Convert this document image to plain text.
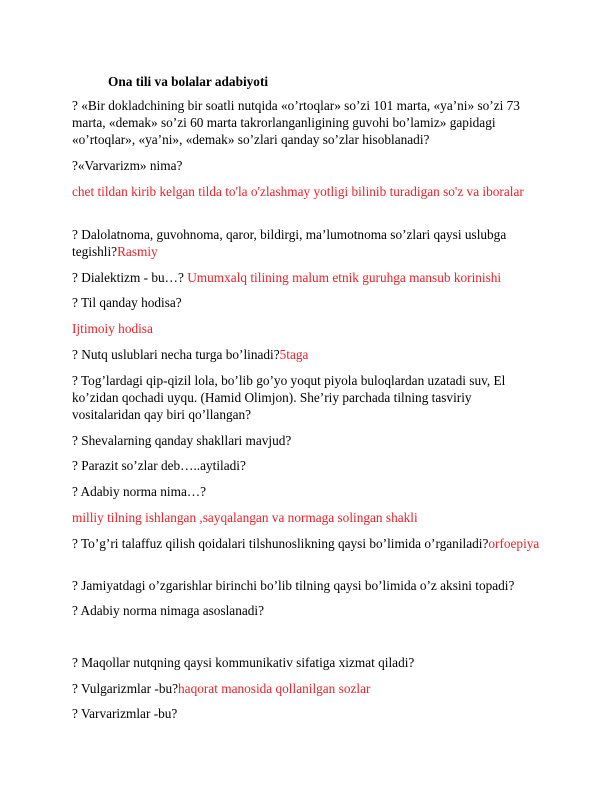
Ona tili va bolalar adabiyoti
? «Bir dokladchining bir soatli nutqida «o’rtoqlar» so’zi 101 marta, «ya’ni» so’zi 73 marta, «demak» so’zi 60 marta takrorlanganligining guvohi bo’lamiz» gapidagi «o’rtoqlar», «ya’ni», «demak» so’zlari qanday so’zlar hisoblanadi?
?«Varvarizm» nima?
chet tildan kirib kelgan tilda to'la o'zlashmay yotligi bilinib turadigan so'z va iboralar
? Dalolatnoma, guvohnoma, qaror, bildirgi, ma’lumotnoma so’zlari qaysi uslubga tegishli?Rasmiy
? Dialektizm - bu…? Umumxalq tilining malum etnik guruhga mansub korinishi
? Til qanday hodisa?
Ijtimoiy hodisa
? Nutq uslublari necha turga bo’linadi?5taga
? Tog’lardagi qip-qizil lola, bo’lib go’yo yoqut piyola buloqlardan uzatadi suv, El ko’zidan qochadi uyqu. (Hamid Olimjon). She’riy parchada tilning tasviriy vositalaridan qay biri qo’llangan?
? Shevalarning qanday shakllari mavjud?
? Parazit so’zlar deb…..aytiladi?
? Adabiy norma nima…?
milliy tilning ishlangan ,sayqalangan va normaga solingan shakli
? To’g’ri talaffuz qilish qoidalari tilshunoslikning qaysi bo’limida o’rganiladi?orfoepiya
? Jamiyatdagi o’zgarishlar birinchi bo’lib tilning qaysi bo’limida o’z aksini topadi?
? Adabiy norma nimaga asoslanadi?
? Maqollar nutqning qaysi kommunikativ sifatiga xizmat qiladi?
? Vulgarizmlar -bu?haqorat manosida qollanilgan sozlar
? Varvarizmlar -bu?
